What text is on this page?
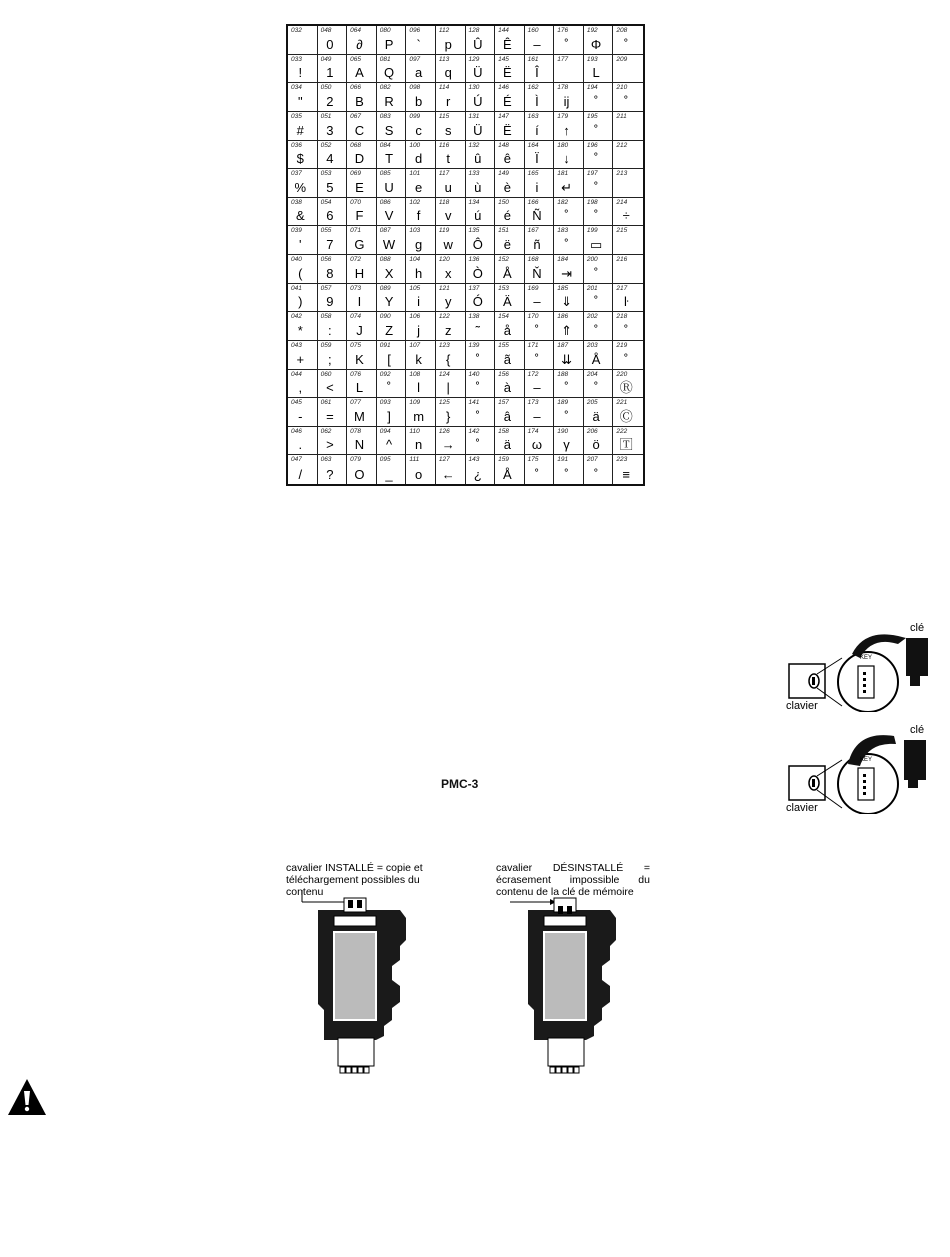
032	048
0
064
∂
080
P
096
`
112
p
128
Û
144
Ê
160
–
176
˚
192
Φ
208
˚
033
!
049
1
065
A
081
Q
097
a
113
q
129
Ü
145
Ë
161
Î
177	193
L
209
034
"
050
2
066
B
082
R
098
b
114
r
130
Ú
146
É
162
Ì
178
ij
194
˚
210
˚
035
#
051
3
067
C
083
S
099
c
115
s
131
Ü
147
Ë
163
í
179
↑
195
˚
211
036
$
052
4
068
D
084
T
100
d
116
t
132
û
148
ê
164
Ï
180
↓
196
˚
212
037
%
053
5
069
E
085
U
101
e
117
u
133
ù
149
è
165
i
181
↵
197
˚
213
038
&
054
6
070
F
086
V
102
f
118
v
134
ú
150
é
166
Ñ
182
˚
198
˚
214
÷
039
'
055
7
071
G
087
W
103
g
119
w
135
Ô
151
ë
167
ñ
183
˚
199
▭
215
040
(
056
8
072
H
088
X
104
h
120
x
136
Ò
152
Å
168
Ň
184
⇥
200
˚
216
041
)
057
9
073
I
089
Y
105
i
121
y
137
Ó
153
Ä
169
–
185
⇓
201
˚
217
ŀ
042
*
058
:
074
J
090
Z
106
j
122
z
138
˜
154
å
170
˚
186
⇑
202
˚
218
˚
043
+
059
;
075
K
091
[
107
k
123
{
139
˚
155
ã
171
˚
187
⇊
203
Å
219
˚
044
,
060
<
076
L
092
˚
108
l
124
|
140
˚
156
à
172
–
188
˚
204
˚
220
Ⓡ
045
-
061
=
077
M
093
]
109
m
125
}
141
˚
157
â
173
–
189
˚
205
ä
221
Ⓒ
046
.
062
>
078
N
094
^
110
n
126
→
142
˚
158
ä
174
ω
190
γ
206
ö
222
🅃
047
/
063
?
079
O
095
_
111
o
127
←
143
¿
159
Å
175
˚
191
˚
207
˚
223
≡
clé
clavier
KEY
clé
clavier
KEY
cavalier INSTALLÉ = copie et téléchargement possibles du contenu
cavalier DÉSINSTALLÉ = écrasement impossible du contenu de la clé de mémoire
PMC-3
